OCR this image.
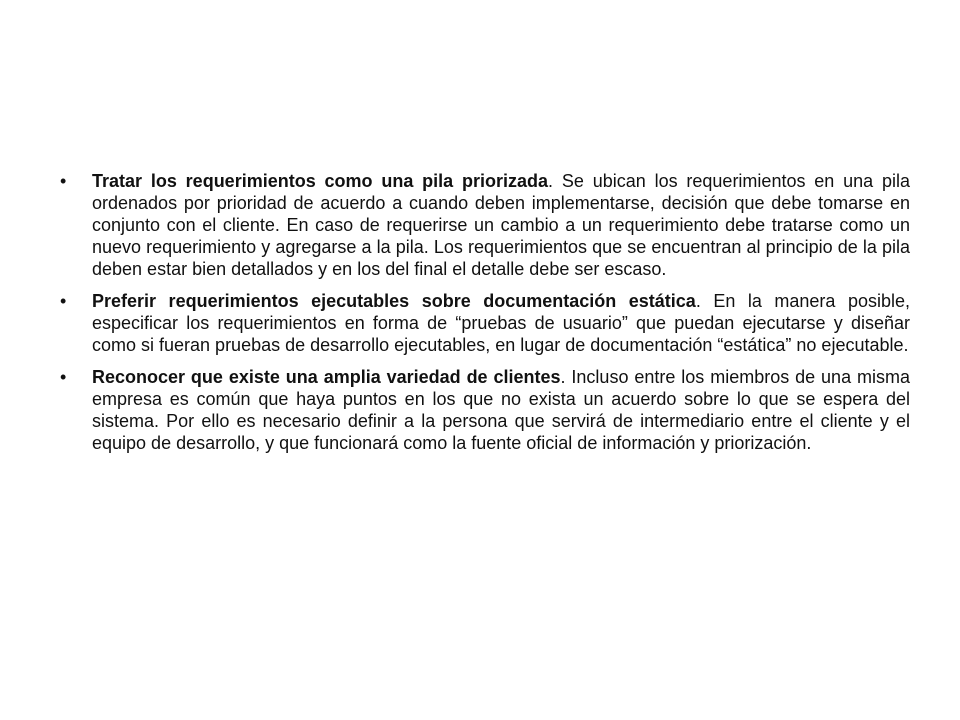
•	Tratar los requerimientos como una pila priorizada. Se ubican los requerimientos en una pila ordenados por prioridad de acuerdo a cuando deben implementarse, decisión que debe tomarse en conjunto con el cliente. En caso de requerirse un cambio a un requerimiento debe tratarse como un nuevo requerimiento y agregarse a la pila. Los requerimientos que se encuentran al principio de la pila deben estar bien detallados y en los del final el detalle debe ser escaso.
•	Preferir requerimientos ejecutables sobre documentación estática. En la manera posible, especificar los requerimientos en forma de “pruebas de usuario” que puedan ejecutarse y diseñar como si fueran pruebas de desarrollo ejecutables, en lugar de documentación “estática” no ejecutable.
•	Reconocer que existe una amplia variedad de clientes. Incluso entre los miembros de una misma empresa es común que haya puntos en los que no exista un acuerdo sobre lo que se espera del sistema. Por ello es necesario definir a la persona que servirá de intermediario entre el cliente y el equipo de desarrollo, y que funcionará como la fuente oficial de información y priorización.
